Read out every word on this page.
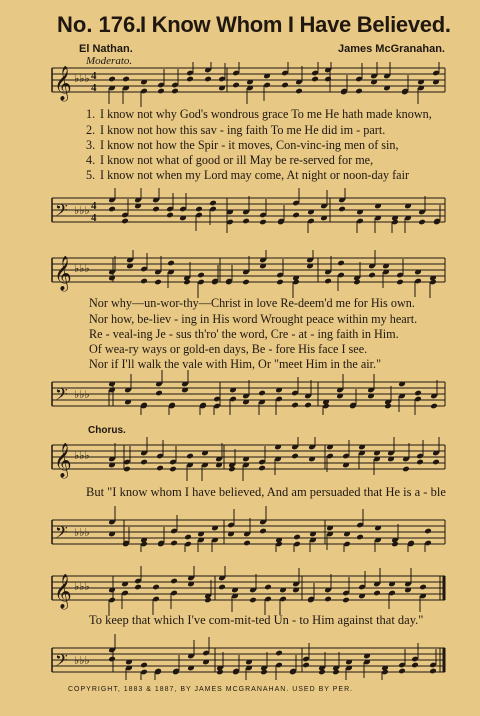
No. 176.
I Know Whom I Have Believed.
El Nathan.	James McGranahan.
Moderato.
𝄞 ♭♭♭ 4
4
1. I know not why God's wondrous grace To me He hath made known,
2. I know not how this sav - ing faith To me He did im - part.
3. I know not how the Spir - it moves, Con-vinc-ing men of sin,
4. I know not what of good or ill May be re-served for me,
5. I know not when my Lord may come, At night or noon-day fair
𝄢 ♭♭♭ 4
4
𝄞 ♭♭♭
Nor why—un-wor-thy—Christ in love Re-deem'd me for His own.
Nor how, be-liev - ing in His word Wrought peace within my heart.
Re - veal-ing Je - sus th'ro' the word, Cre - at - ing faith in Him.
Of wea-ry ways or gold-en days, Be - fore His face I see.
Nor if I'll walk the vale with Him, Or "meet Him in the air."
𝄢 ♭♭♭
Chorus.
𝄞 ♭♭♭
But "I know whom I have believed, And am persuaded that He is a - ble
𝄢 ♭♭♭
𝄞 ♭♭♭
To keep that which I've com-mit-ted Un - to Him against that day."
𝄢 ♭♭♭
COPYRIGHT, 1883 & 1887, BY JAMES MCGRANAHAN. USED BY PER.
